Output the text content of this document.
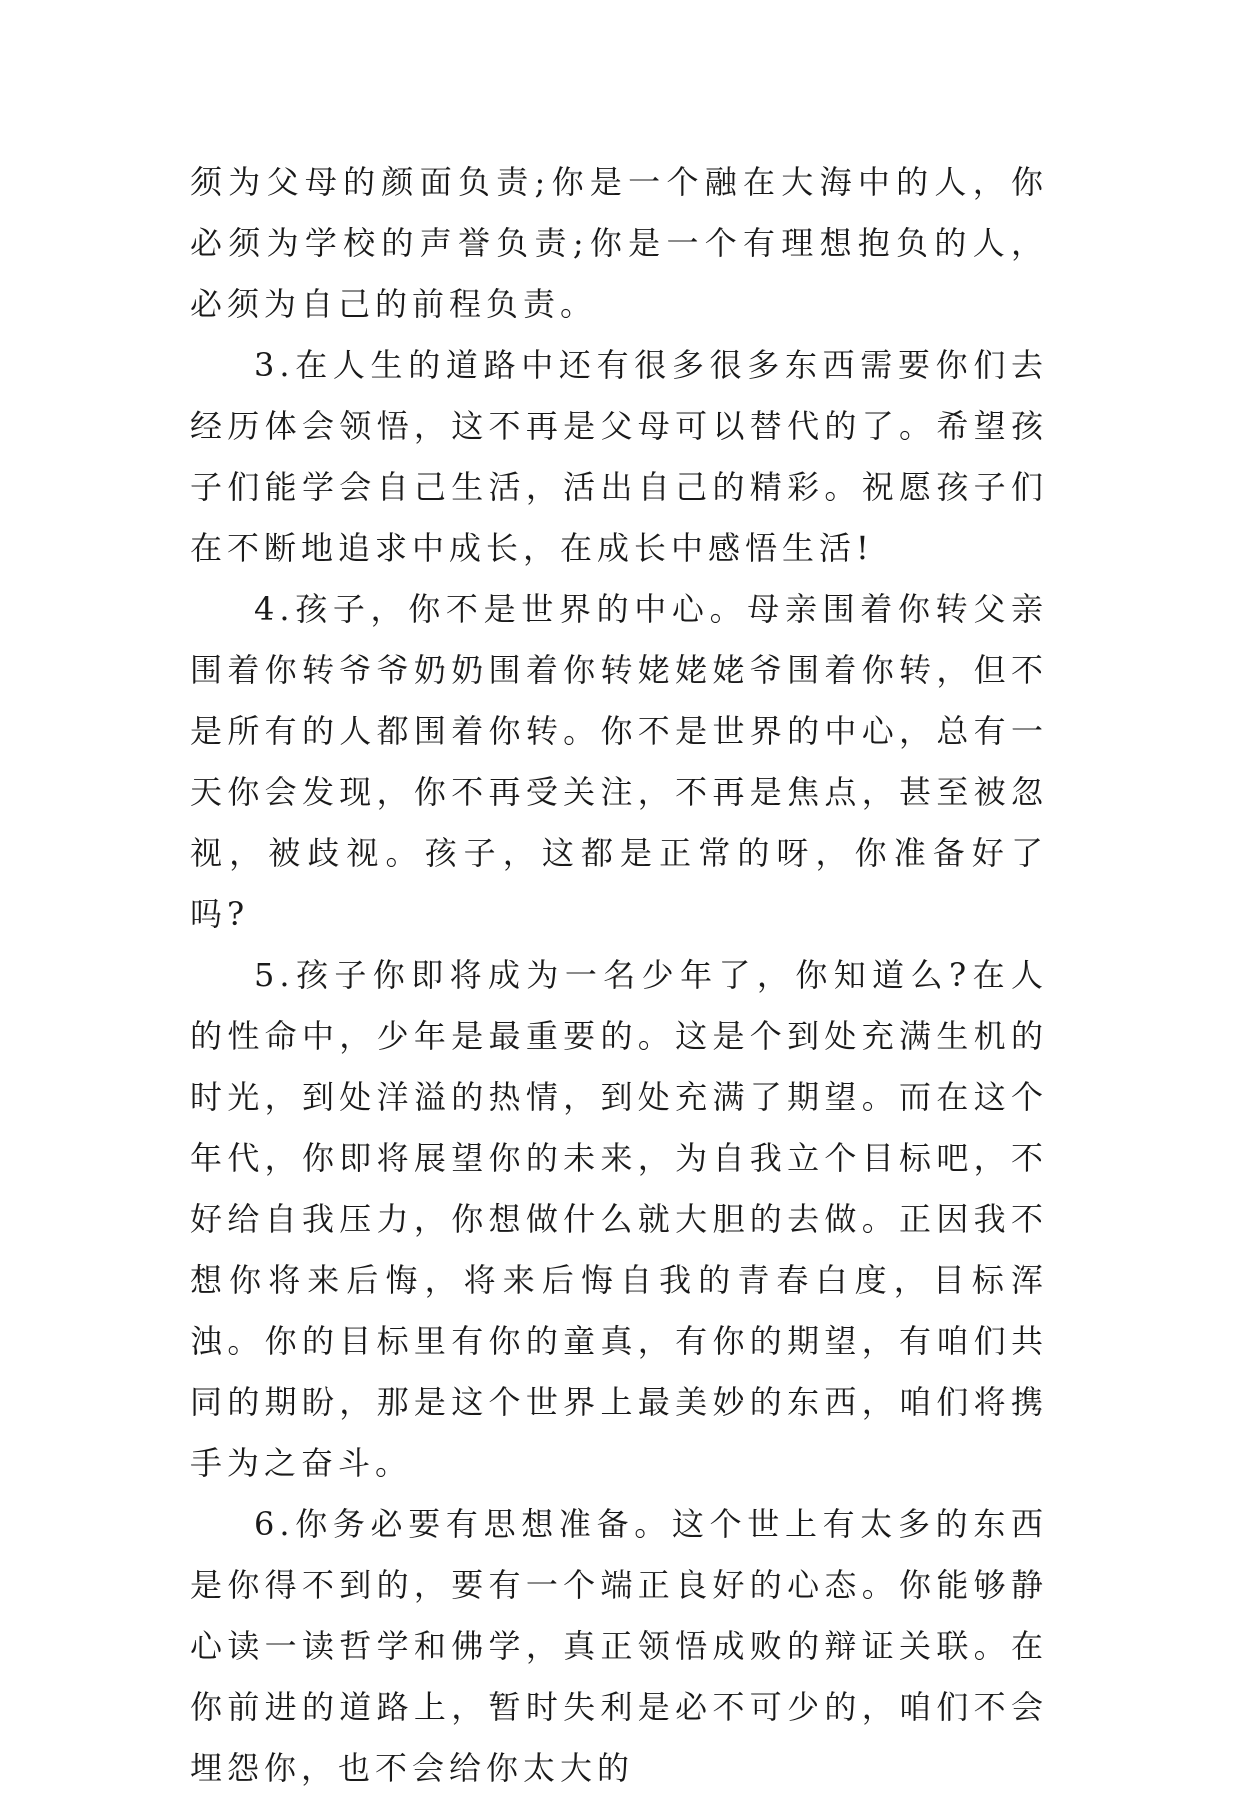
须为父母的颜面负责;你是一个融在大海中的人，你必须为学校的声誉负责;你是一个有理想抱负的人，必须为自己的前程负责。

3.在人生的道路中还有很多很多东西需要你们去经历体会领悟，这不再是父母可以替代的了。希望孩子们能学会自己生活，活出自己的精彩。祝愿孩子们在不断地追求中成长，在成长中感悟生活!

4.孩子，你不是世界的中心。母亲围着你转父亲围着你转爷爷奶奶围着你转姥姥姥爷围着你转，但不是所有的人都围着你转。你不是世界的中心，总有一天你会发现，你不再受关注，不再是焦点，甚至被忽视，被歧视。孩子，这都是正常的呀，你准备好了吗?

5.孩子你即将成为一名少年了，你知道么?在人的性命中，少年是最重要的。这是个到处充满生机的时光，到处洋溢的热情，到处充满了期望。而在这个年代，你即将展望你的未来，为自我立个目标吧，不好给自我压力，你想做什么就大胆的去做。正因我不想你将来后悔，将来后悔自我的青春白度，目标浑浊。你的目标里有你的童真，有你的期望，有咱们共同的期盼，那是这个世界上最美妙的东西，咱们将携手为之奋斗。

6.你务必要有思想准备。这个世上有太多的东西是你得不到的，要有一个端正良好的心态。你能够静心读一读哲学和佛学，真正领悟成败的辩证关联。在你前进的道路上，暂时失利是必不可少的，咱们不会埋怨你，也不会给你太大的
